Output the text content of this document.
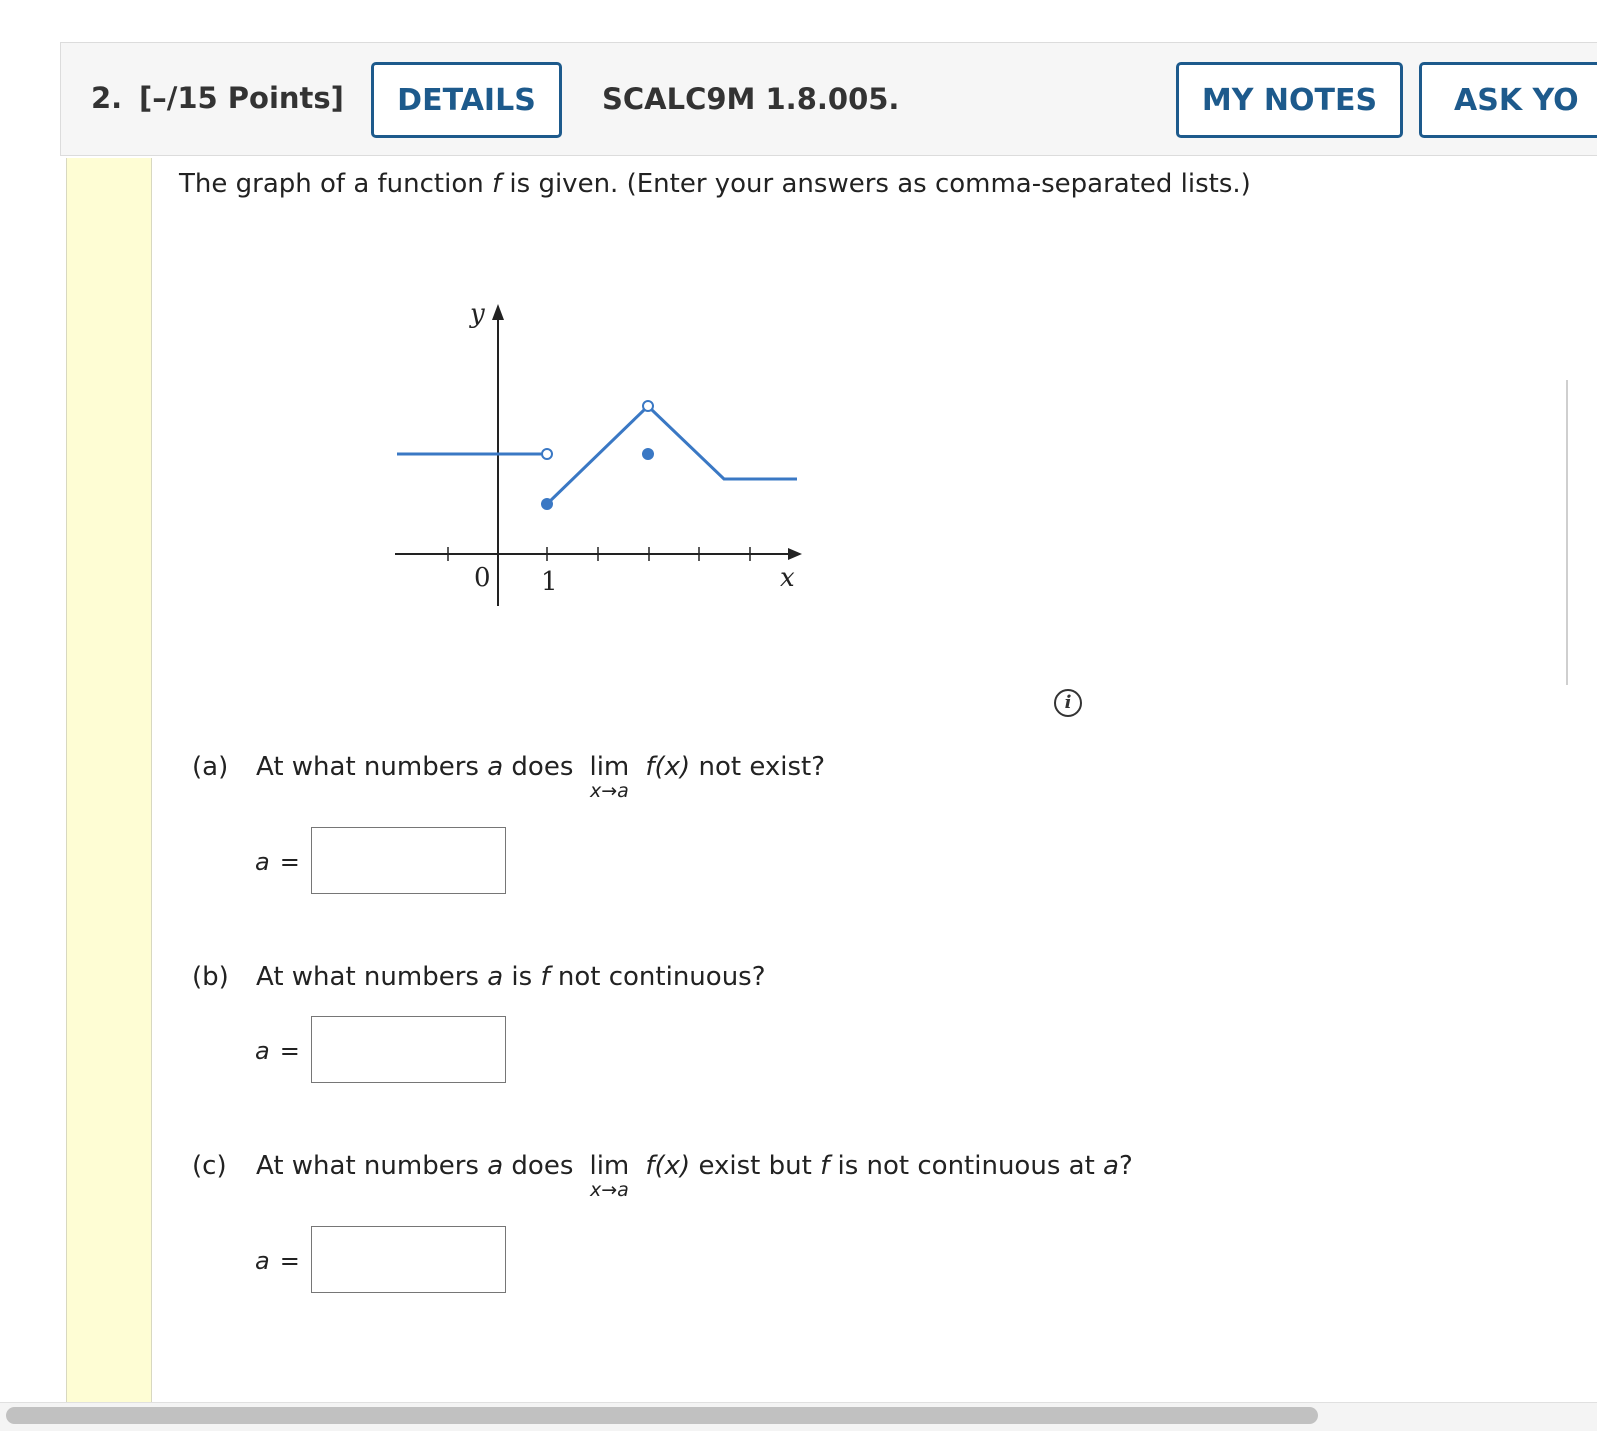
2. [–/15 Points]	DETAILS	SCALC9M 1.8.005.	MY NOTES	ASK YO
The graph of a function f is given. (Enter your answers as comma-separated lists.)
y
x
0 1
i
(a) At what numbers a does lim
x→a
f(x) not exist?
a =
(b) At what numbers a is f not continuous?
a =
(c) At what numbers a does lim
x→a
f(x) exist but f is not continuous at a?
a =
